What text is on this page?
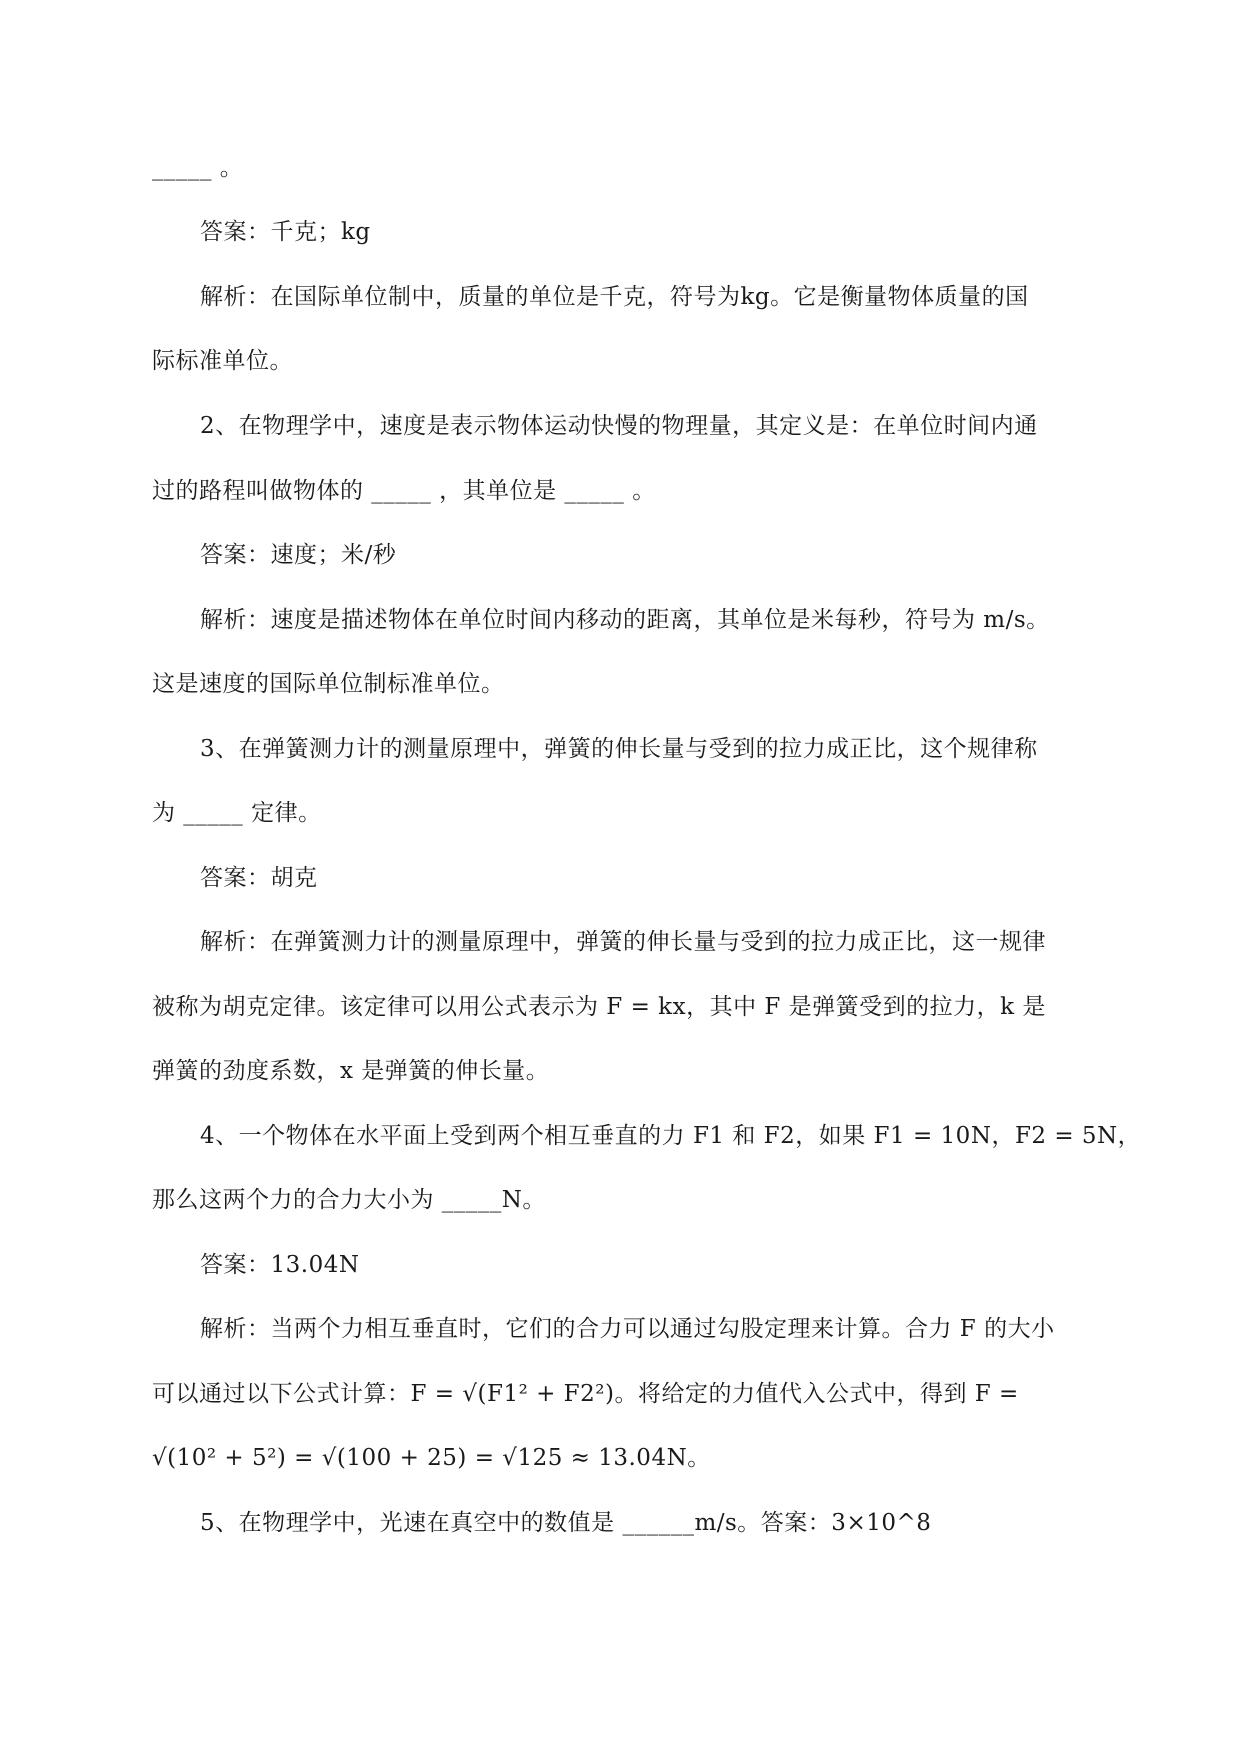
_____ 。
答案：千克；kg
解析：在国际单位制中，质量的单位是千克，符号为kg。它是衡量物体质量的国
际标准单位。
2、在物理学中，速度是表示物体运动快慢的物理量，其定义是：在单位时间内通
过的路程叫做物体的 _____ ，其单位是 _____ 。
答案：速度；米/秒
解析：速度是描述物体在单位时间内移动的距离，其单位是米每秒，符号为 m/s。
这是速度的国际单位制标准单位。
3、在弹簧测力计的测量原理中，弹簧的伸长量与受到的拉力成正比，这个规律称
为 _____ 定律。
答案：胡克
解析：在弹簧测力计的测量原理中，弹簧的伸长量与受到的拉力成正比，这一规律
被称为胡克定律。该定律可以用公式表示为 F = kx，其中 F 是弹簧受到的拉力，k 是
弹簧的劲度系数，x 是弹簧的伸长量。
4、一个物体在水平面上受到两个相互垂直的力 F1 和 F2，如果 F1 = 10N，F2 = 5N，
那么这两个力的合力大小为 _____N。
答案：13.04N
解析：当两个力相互垂直时，它们的合力可以通过勾股定理来计算。合力 F 的大小
可以通过以下公式计算：F = √(F1² + F2²)。将给定的力值代入公式中，得到 F =
√(10² + 5²) = √(100 + 25) = √125 ≈ 13.04N。
5、在物理学中，光速在真空中的数值是 ______m/s。答案：3×10^8
